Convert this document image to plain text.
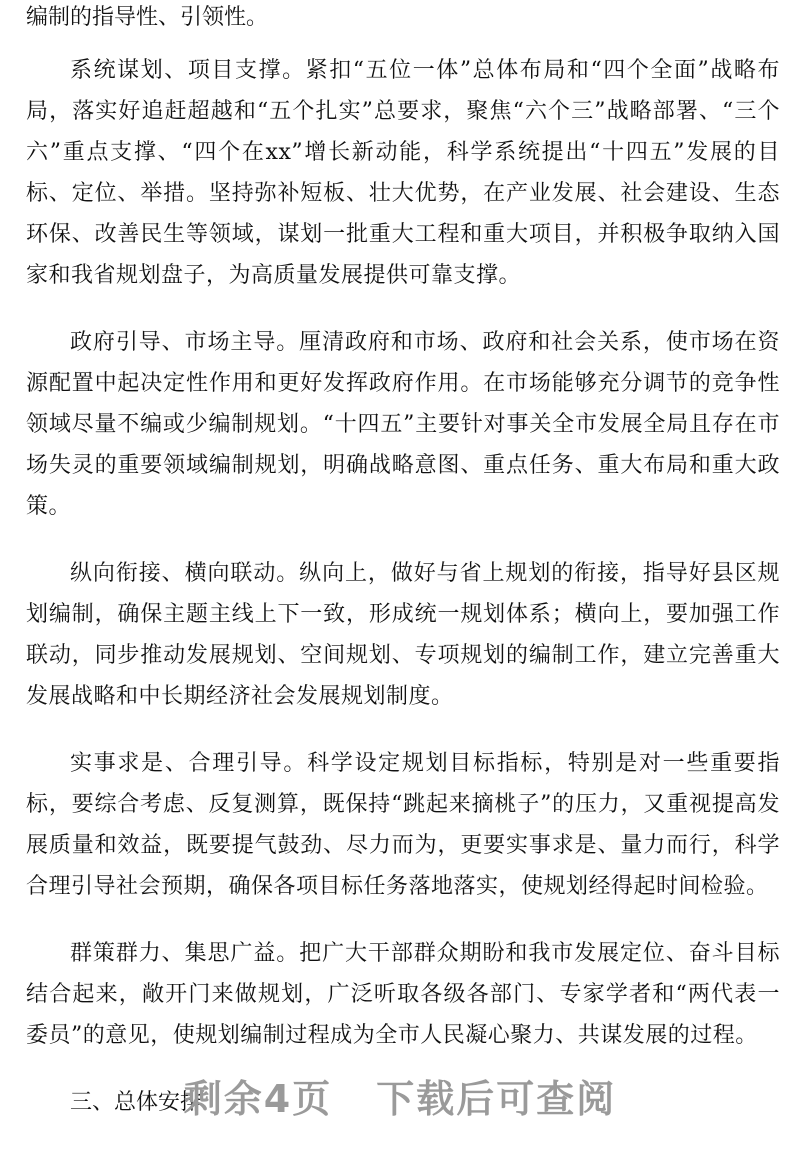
编制的指导性、引领性。

系统谋划、项目支撑。紧扣“五位一体”总体布局和“四个全面”战略布局，落实好追赶超越和“五个扎实”总要求，聚焦“六个三”战略部署、“三个六”重点支撑、“四个在xx”增长新动能，科学系统提出“十四五”发展的目标、定位、举措。坚持弥补短板、壮大优势，在产业发展、社会建设、生态环保、改善民生等领域，谋划一批重大工程和重大项目，并积极争取纳入国家和我省规划盘子，为高质量发展提供可靠支撑。

政府引导、市场主导。厘清政府和市场、政府和社会关系，使市场在资源配置中起决定性作用和更好发挥政府作用。在市场能够充分调节的竞争性领域尽量不编或少编制规划。“十四五”主要针对事关全市发展全局且存在市场失灵的重要领域编制规划，明确战略意图、重点任务、重大布局和重大政策。

纵向衔接、横向联动。纵向上，做好与省上规划的衔接，指导好县区规划编制，确保主题主线上下一致，形成统一规划体系；横向上，要加强工作联动，同步推动发展规划、空间规划、专项规划的编制工作，建立完善重大发展战略和中长期经济社会发展规划制度。

实事求是、合理引导。科学设定规划目标指标，特别是对一些重要指标，要综合考虑、反复测算，既保持“跳起来摘桃子”的压力，又重视提高发展质量和效益，既要提气鼓劲、尽力而为，更要实事求是、量力而行，科学合理引导社会预期，确保各项目标任务落地落实，使规划经得起时间检验。

群策群力、集思广益。把广大干部群众期盼和我市发展定位、奋斗目标结合起来，敞开门来做规划，广泛听取各级各部门、专家学者和“两代表一委员”的意见，使规划编制过程成为全市人民凝心聚力、共谋发展的过程。

三、总体安排

剩余4页 下载后可查阅
